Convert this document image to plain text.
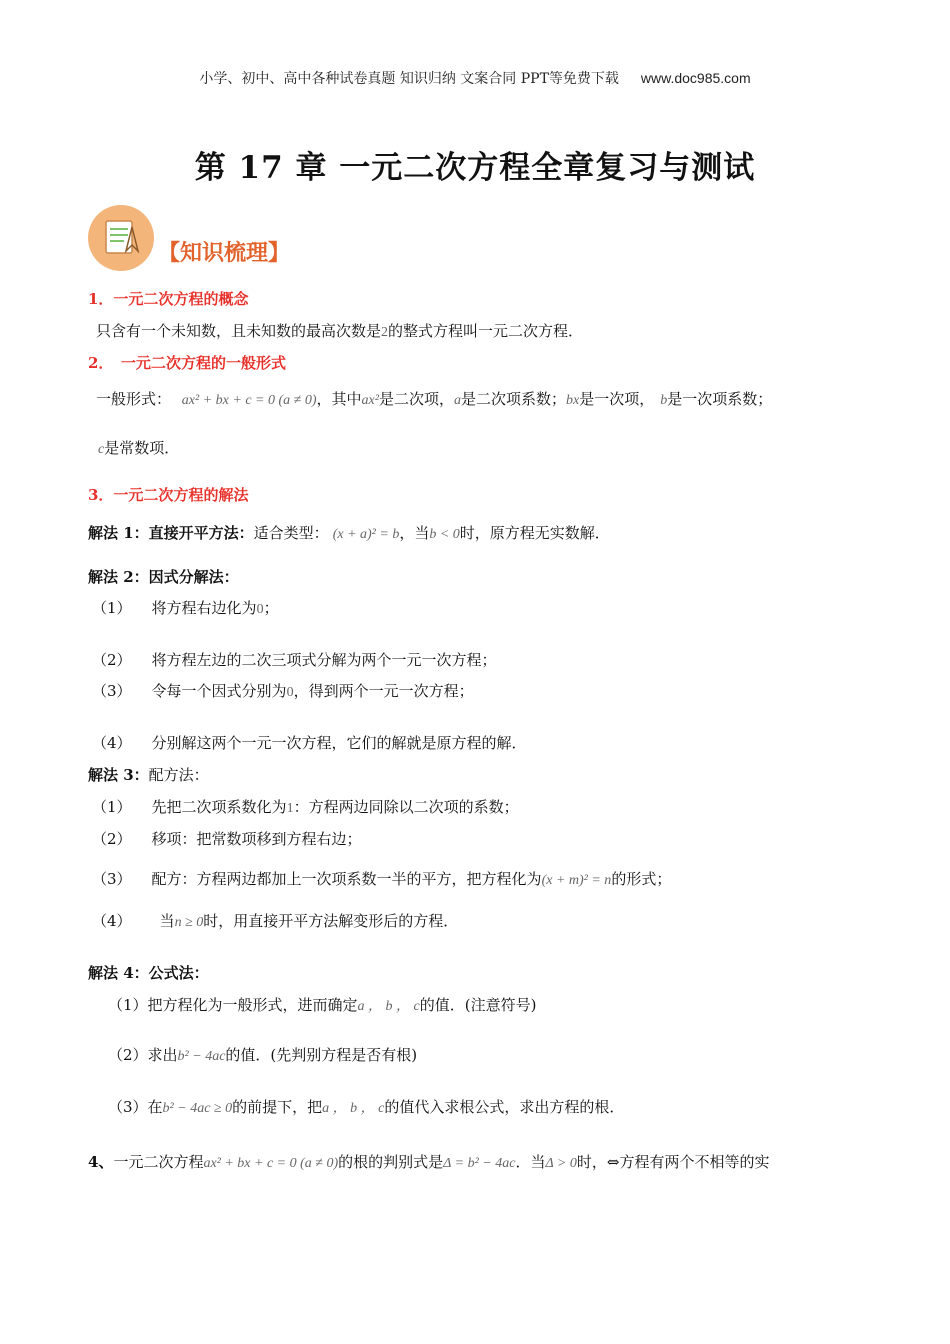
小学、初中、高中各种试卷真题 知识归纳 文案合同 PPT等免费下载 www.doc985.com
第 17 章 一元二次方程全章复习与测试
【知识梳理】
1．一元二次方程的概念
只含有一个未知数，且未知数的最高次数是2的整式方程叫一元二次方程．
2．　一元二次方程的一般形式
一般形式： ax² + bx + c = 0 (a ≠ 0)，其中ax²是二次项，a是二次项系数；bx是一次项， b是一次项系数；
c是常数项．
3．一元二次方程的解法
解法 1：直接开平方法：适合类型： (x + a)² = b，当b < 0时，原方程无实数解．
解法 2：因式分解法：
（1） 将方程右边化为0；
（2） 将方程左边的二次三项式分解为两个一元一次方程；
（3） 令每一个因式分别为0，得到两个一元一次方程；
（4） 分别解这两个一元一次方程，它们的解就是原方程的解．
解法 3：配方法：
（1） 先把二次项系数化为1：方程两边同除以二次项的系数；
（2） 移项：把常数项移到方程右边；
（3） 配方：方程两边都加上一次项系数一半的平方，把方程化为(x + m)² = n的形式；
（4） 当n ≥ 0时，用直接开平方法解变形后的方程．
解法 4：公式法：
（1）把方程化为一般形式，进而确定a ， b ， c的值．(注意符号)
（2）求出b² − 4ac的值．(先判别方程是否有根)
（3）在b² − 4ac ≥ 0的前提下，把a ， b ， c的值代入求根公式，求出方程的根．
4、一元二次方程ax² + bx + c = 0 (a ≠ 0)的根的判别式是Δ = b² − 4ac．当Δ > 0时，⇔方程有两个不相等的实
